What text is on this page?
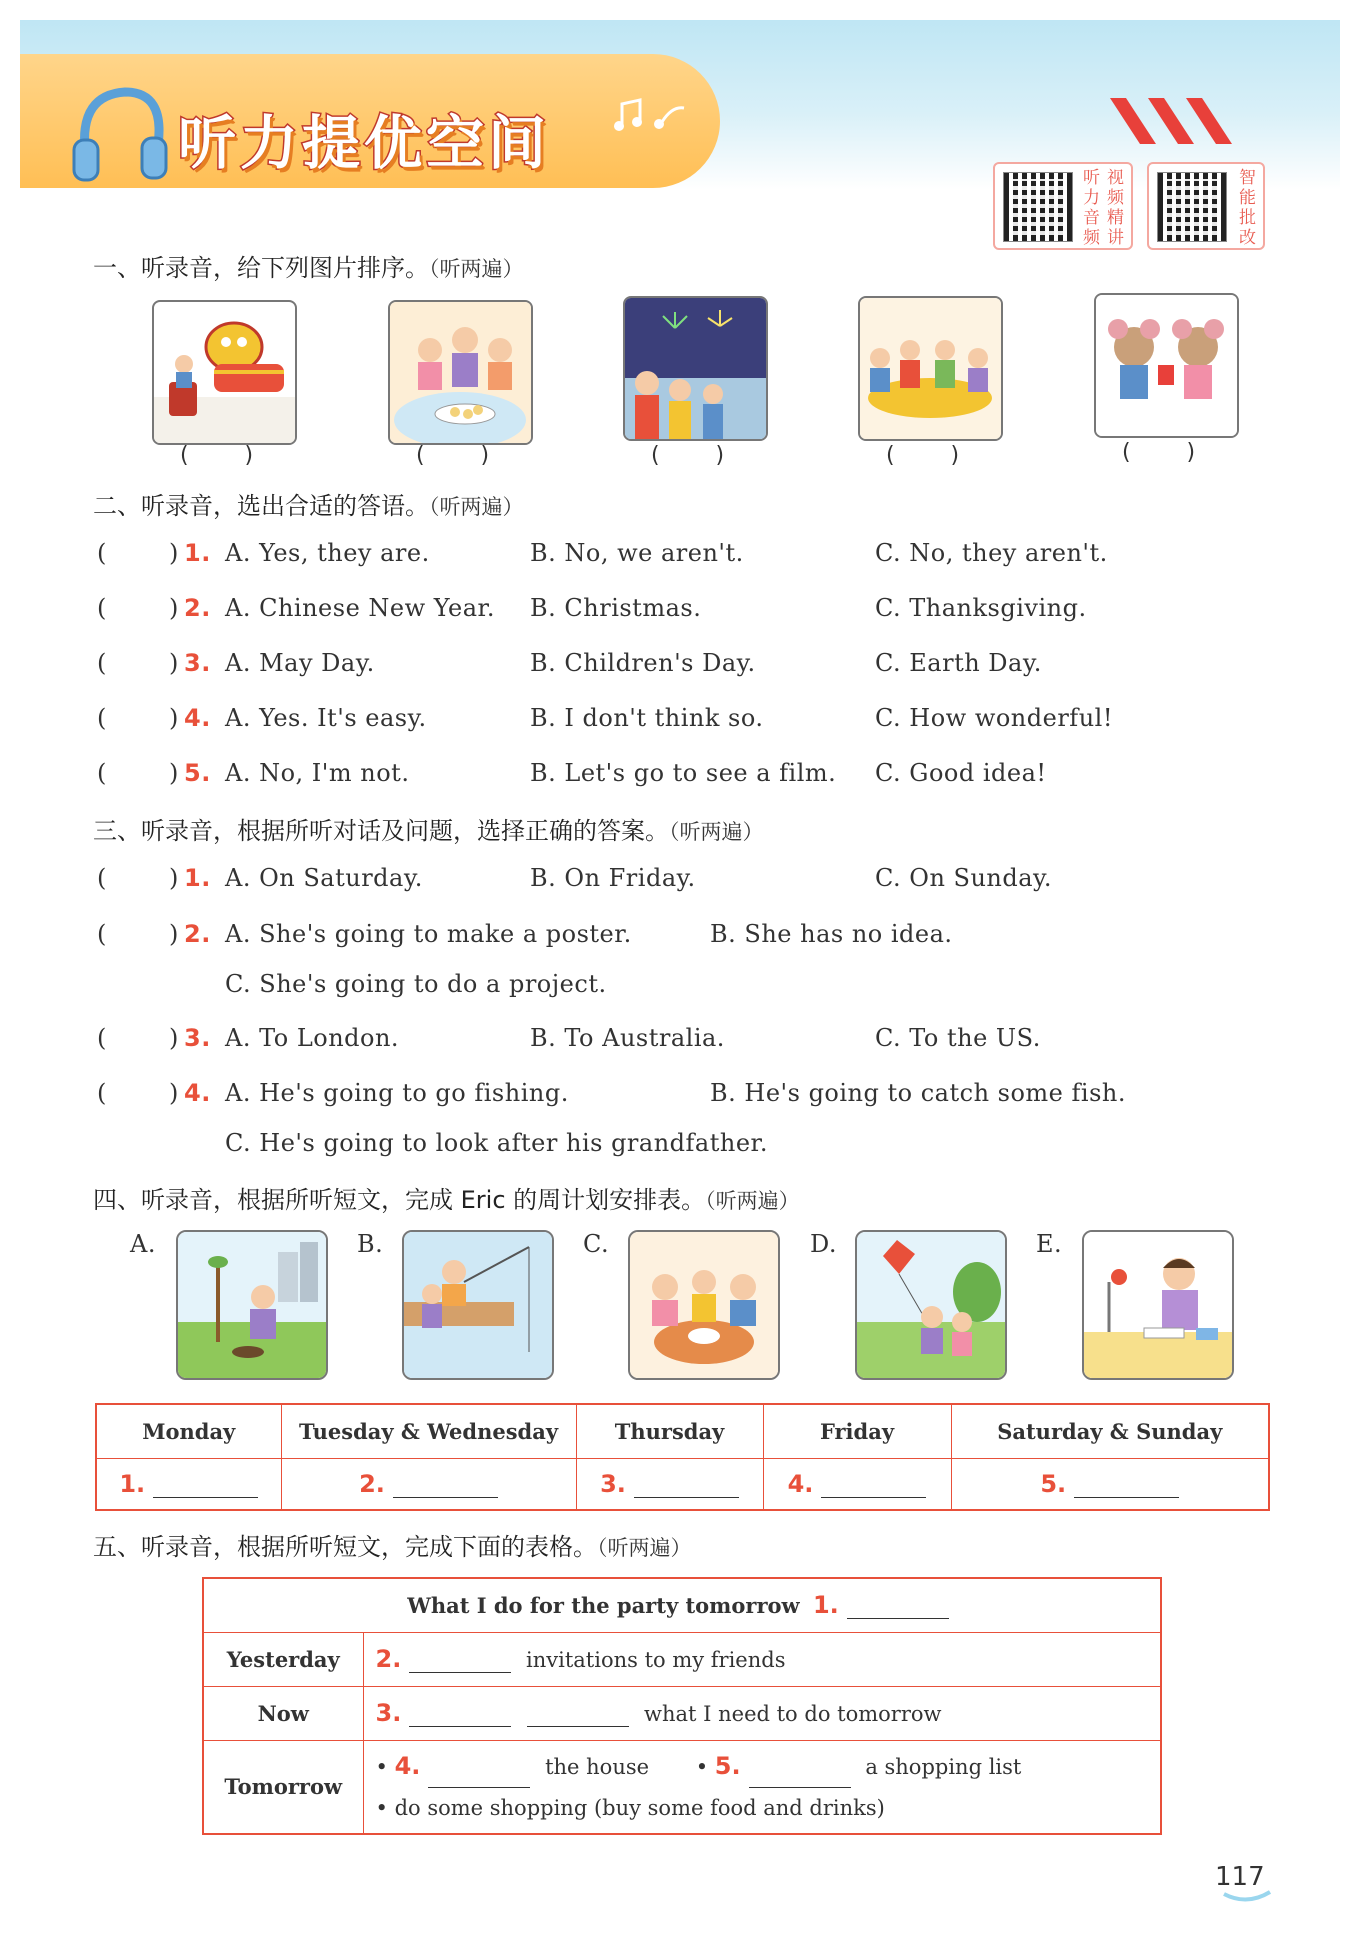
听力提优空间
听
力
音
频
视
频
精
讲
智
能
批
改
一、听录音，给下列图片排序。（听两遍）
(        )	(        )	(        )	(        )	(        )
二、听录音，选出合适的答语。（听两遍）
(	) 1. A. Yes, they are.	B. No, we aren't.	C. No, they aren't.
(	) 2. A. Chinese New Year. B. Christmas.	C. Thanksgiving.
(	) 3. A. May Day.	B. Children's Day.	C. Earth Day.
(	) 4. A. Yes. It's easy.	B. I don't think so.	C. How wonderful!
(	) 5. A. No, I'm not.	B. Let's go to see a film. C. Good idea!
三、听录音，根据所听对话及问题，选择正确的答案。（听两遍）
(	) 1. A. On Saturday.	B. On Friday.	C. On Sunday.
(	) 2. A. She's going to make a poster.	B. She has no idea.
C. She's going to do a project.
(	) 3. A. To London.	B. To Australia.	C. To the US.
(	) 4. A. He's going to go fishing.	B. He's going to catch some fish.
C. He's going to look after his grandfather.
四、听录音，根据所听短文，完成 Eric 的周计划安排表。（听两遍）
A.	B.	C.	D.	E.
Monday	Tuesday & Wednesday	Thursday	Friday	Saturday & Sunday
1.	2.	3.	4.	5.
五、听录音，根据所听短文，完成下面的表格。（听两遍）
What I do for the party tomorrow 1.	
Yesterday	2. invitations to my friends
Now	3. what I need to do tomorrow
Tomorrow	• 4. the house • 5. a shopping list
• do some shopping (buy some food and drinks)
117
